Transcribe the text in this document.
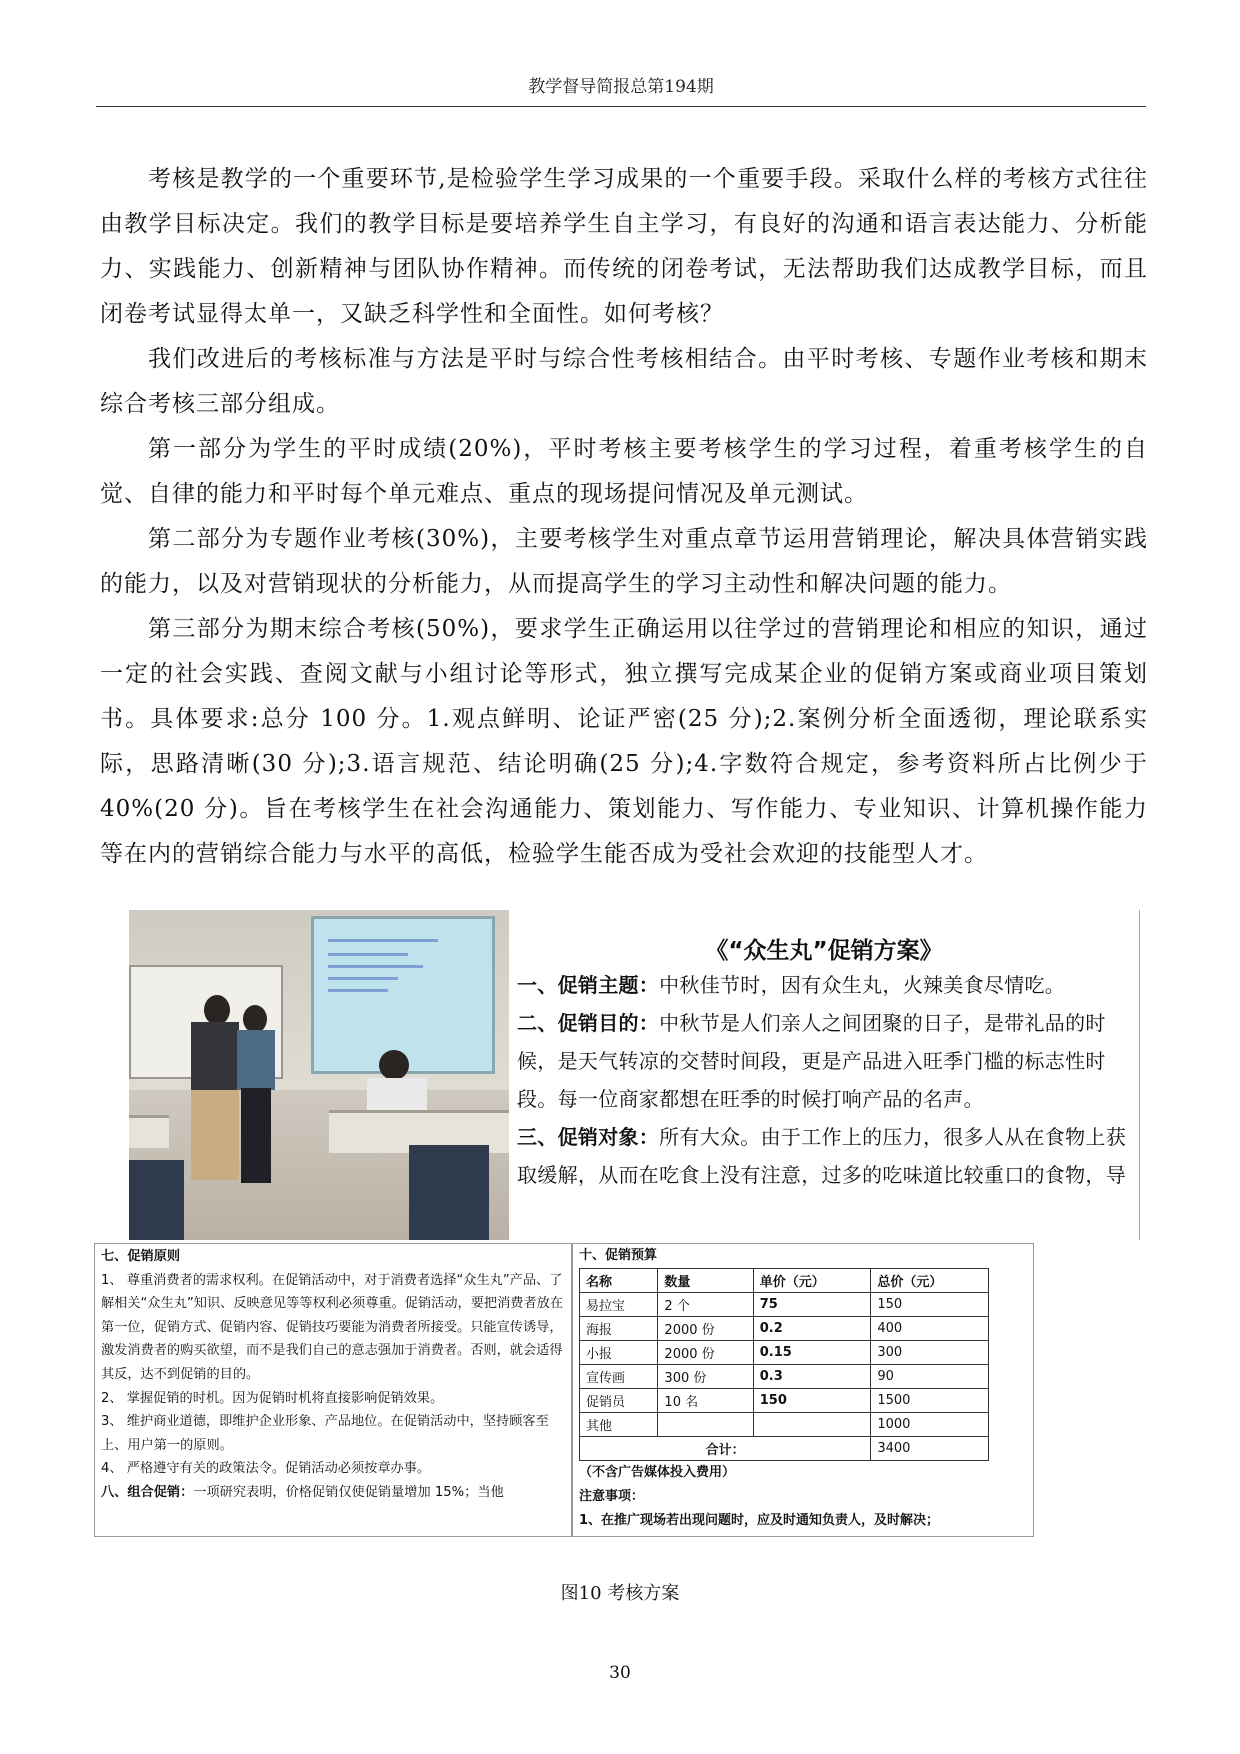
教学督导简报总第194期

考核是教学的一个重要环节,是检验学生学习成果的一个重要手段。采取什么样的考核方式往往由教学目标决定。我们的教学目标是要培养学生自主学习，有良好的沟通和语言表达能力、分析能力、实践能力、创新精神与团队协作精神。而传统的闭卷考试，无法帮助我们达成教学目标，而且闭卷考试显得太单一，又缺乏科学性和全面性。如何考核？

我们改进后的考核标准与方法是平时与综合性考核相结合。由平时考核、专题作业考核和期末综合考核三部分组成。

第一部分为学生的平时成绩(20%)，平时考核主要考核学生的学习过程，着重考核学生的自觉、自律的能力和平时每个单元难点、重点的现场提问情况及单元测试。

第二部分为专题作业考核(30%)，主要考核学生对重点章节运用营销理论，解决具体营销实践的能力，以及对营销现状的分析能力，从而提高学生的学习主动性和解决问题的能力。

第三部分为期末综合考核(50%)，要求学生正确运用以往学过的营销理论和相应的知识，通过一定的社会实践、查阅文献与小组讨论等形式，独立撰写完成某企业的促销方案或商业项目策划书。具体要求:总分 100 分。1.观点鲜明、论证严密(25 分);2.案例分析全面透彻，理论联系实际，思路清晰(30 分);3.语言规范、结论明确(25 分);4.字数符合规定，参考资料所占比例少于 40%(20 分)。旨在考核学生在社会沟通能力、策划能力、写作能力、专业知识、计算机操作能力等在内的营销综合能力与水平的高低，检验学生能否成为受社会欢迎的技能型人才。

《“众生丸”促销方案》
一、促销主题：中秋佳节时，因有众生丸，火辣美食尽情吃。
二、促销目的：中秋节是人们亲人之间团聚的日子，是带礼品的时候，是天气转凉的交替时间段，更是产品进入旺季门槛的标志性时段。每一位商家都想在旺季的时候打响产品的名声。
三、促销对象：所有大众。由于工作上的压力，很多人从在食物上获取缓解，从而在吃食上没有注意，过多的吃味道比较重口的食物，导

七、促销原则

1、 尊重消费者的需求权利。在促销活动中，对于消费者选择“众生丸”产品、了解相关“众生丸”知识、反映意见等等权利必须尊重。促销活动，要把消费者放在第一位，促销方式、促销内容、促销技巧要能为消费者所接受。只能宣传诱导，激发消费者的购买欲望，而不是我们自己的意志强加于消费者。否则，就会适得其反，达不到促销的目的。

2、 掌握促销的时机。因为促销时机将直接影响促销效果。

3、 维护商业道德，即维护企业形象、产品地位。在促销活动中，坚持顾客至上、用户第一的原则。

4、 严格遵守有关的政策法令。促销活动必须按章办事。

八、组合促销：一项研究表明，价格促销仅使促销量增加 15%；当他

十、促销预算
名称	数量	单价（元）	总价（元）
易拉宝	2 个	75	150
海报	2000 份	0.2	400
小报	2000 份	0.15	300
宣传画	300 份	0.3	90
促销员	10 名	150	1500
其他			1000
合计：			3400
（不含广告媒体投入费用）
注意事项：
1、在推广现场若出现问题时，应及时通知负责人，及时解决；
图10 考核方案
30
